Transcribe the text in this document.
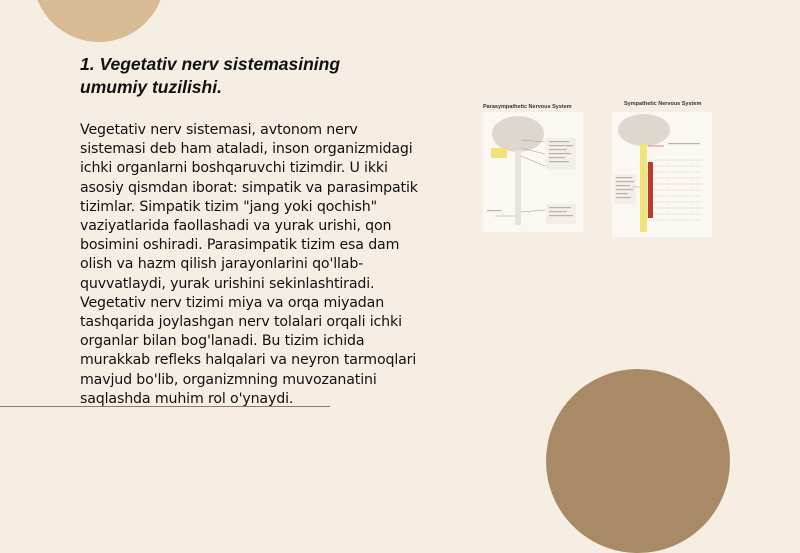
1. Vegetativ nerv sistemasining umumiy tuzilishi.

Vegetativ nerv sistemasi, avtonom nerv sistemasi deb ham ataladi, inson organizmidagi ichki organlarni boshqaruvchi tizimdir. U ikki asosiy qismdan iborat: simpatik va parasimpatik tizimlar. Simpatik tizim "jang yoki qochish" vaziyatlarida faollashadi va yurak urishi, qon bosimini oshiradi. Parasimpatik tizim esa dam olish va hazm qilish jarayonlarini qo'llab-quvvatlaydi, yurak urishini sekinlashtiradi. Vegetativ nerv tizimi miya va orqa miyadan tashqarida joylashgan nerv tolalari orqali ichki organlar bilan bog'lanadi. Bu tizim ichida murakkab refleks halqalari va neyron tarmoqlari mavjud bo'lib, organizmning muvozanatini saqlashda muhim rol o'ynaydi.

Parasympathetic Nervous System	Sympathetic Nervous System
